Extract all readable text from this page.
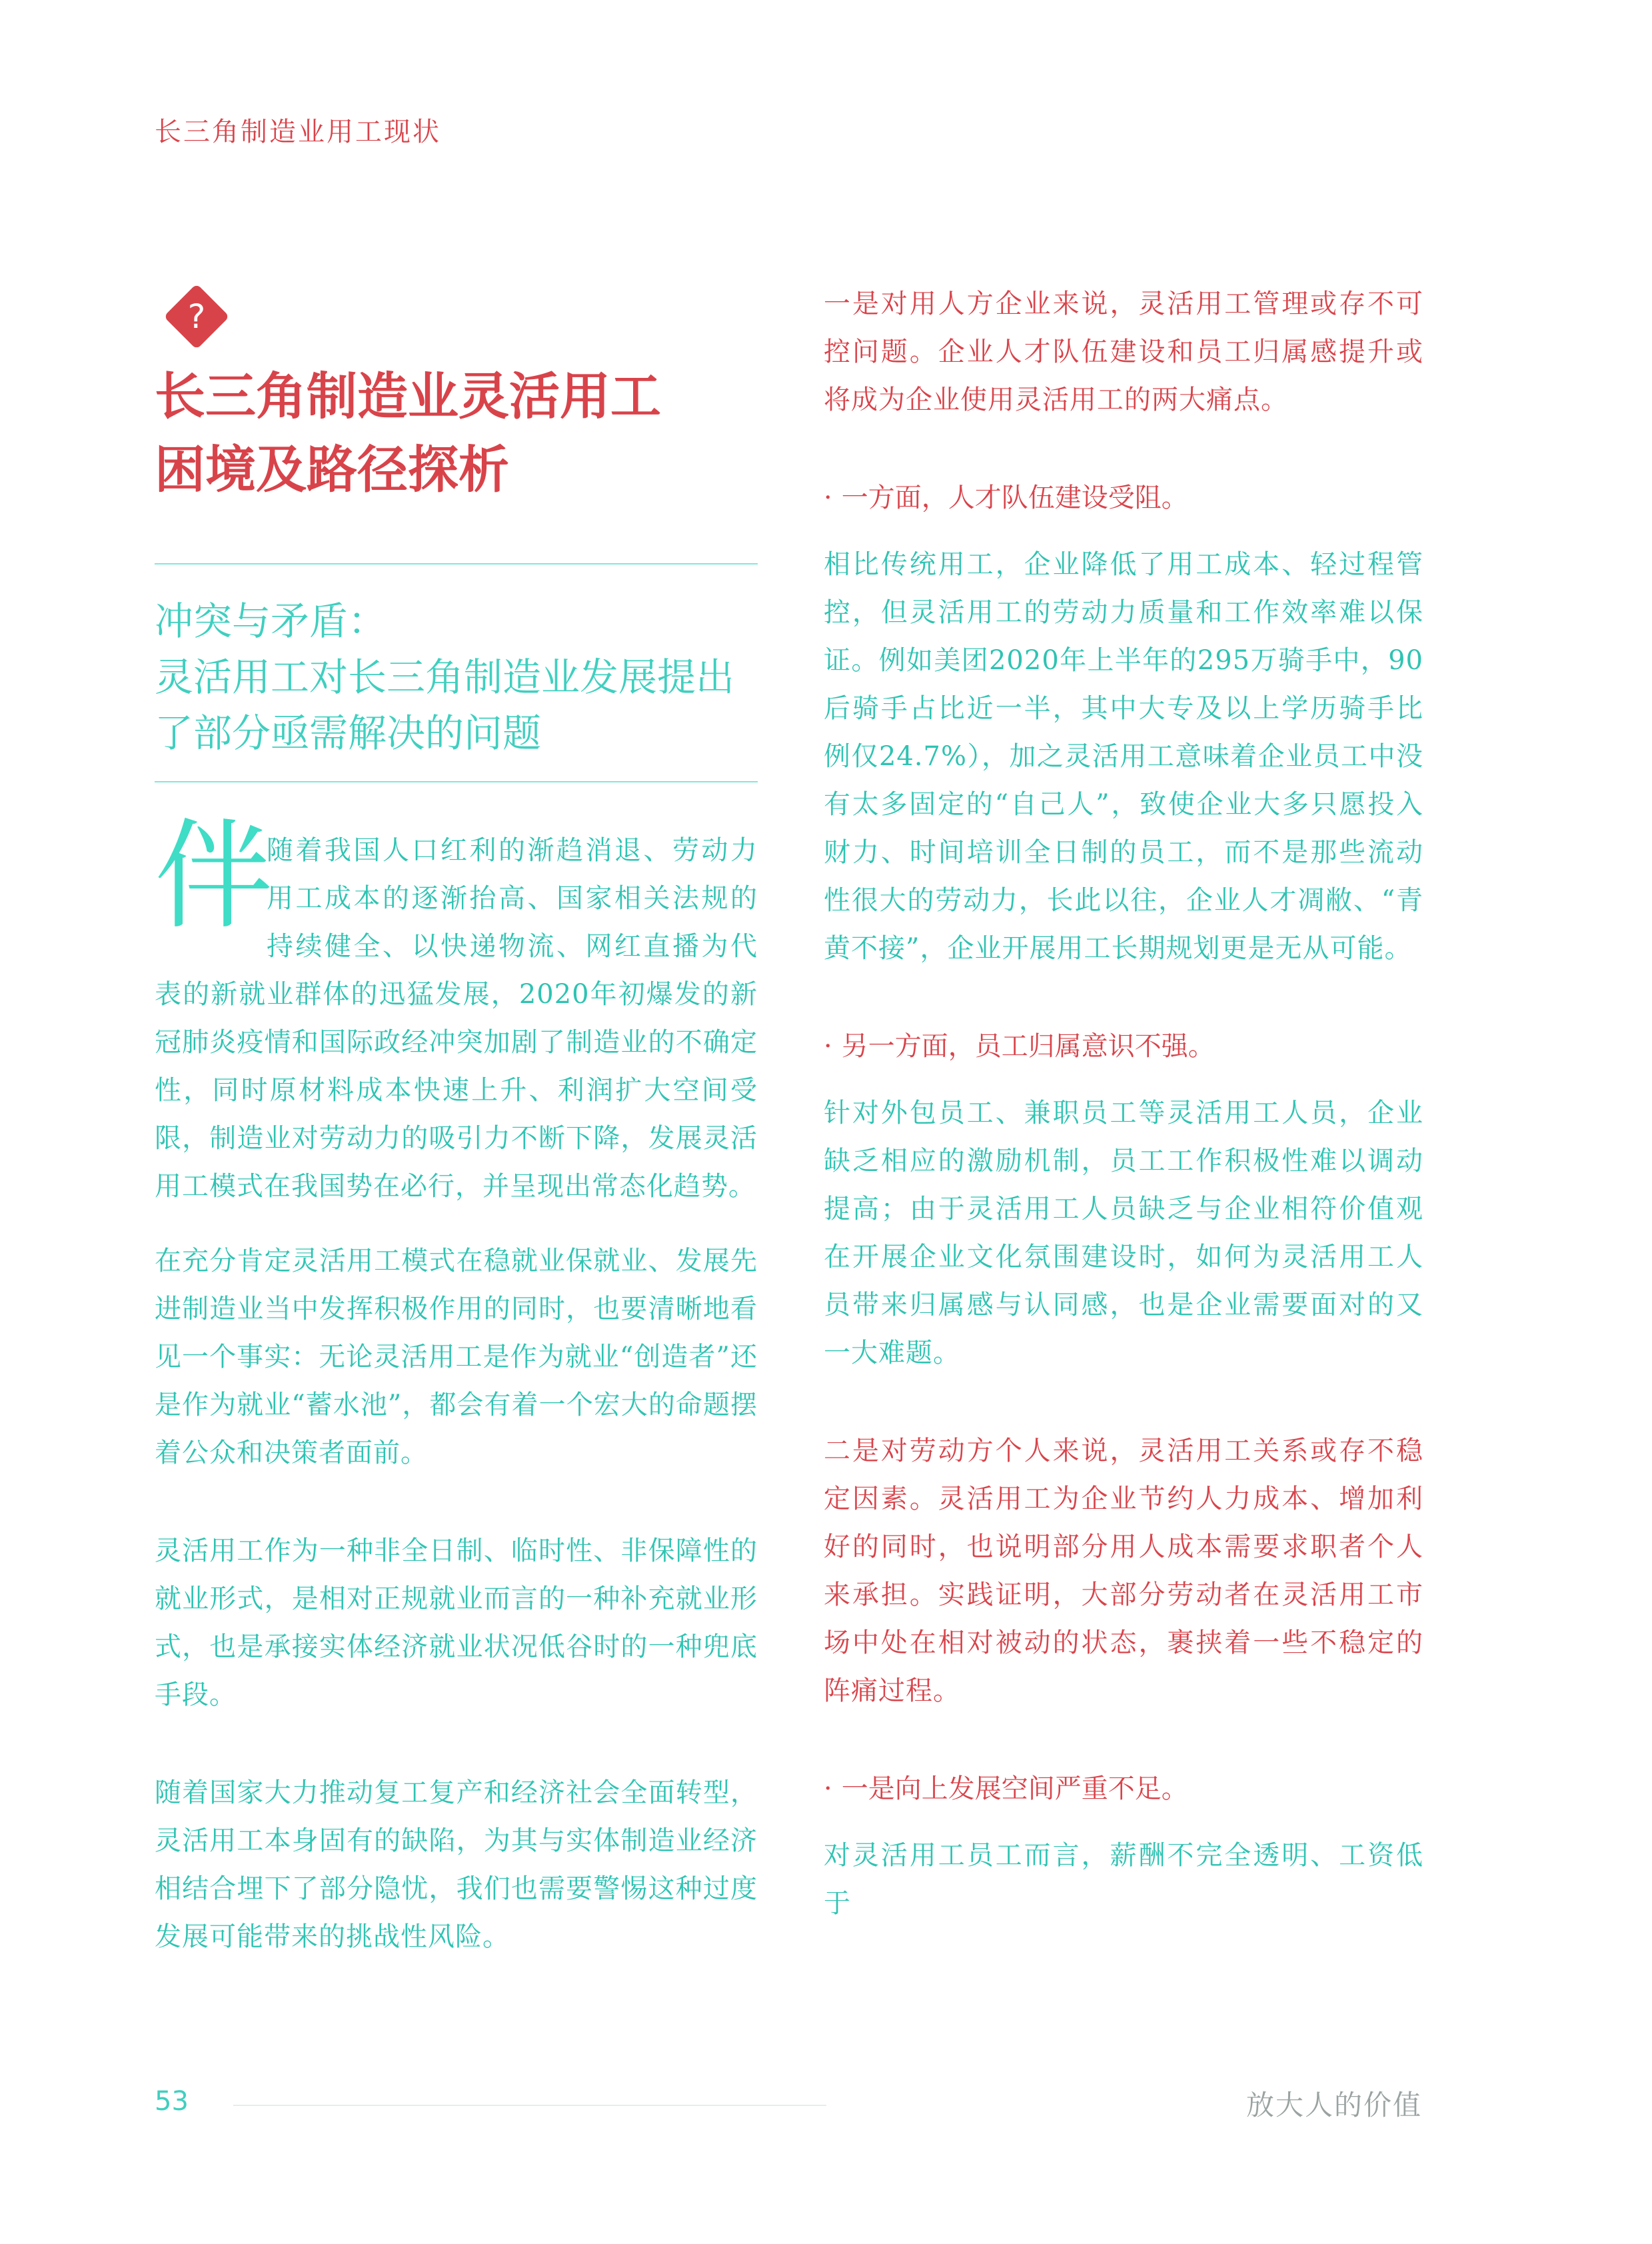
长三角制造业用工现状
?
长三角制造业灵活用工
困境及路径探析
冲突与矛盾：
灵活用工对长三角制造业发展提出
了部分亟需解决的问题

伴
随着我国人口红利的渐趋消退、劳动力用工成本的逐渐抬高、国家相关法规的持续健全、以快递物流、网红直播为代表的新就业群体的迅猛发展，2020年初爆发的新冠肺炎疫情和国际政经冲突加剧了制造业的不确定性，同时原材料成本快速上升、利润扩大空间受限，制造业对劳动力的吸引力不断下降，发展灵活用工模式在我国势在必行，并呈现出常态化趋势。

在充分肯定灵活用工模式在稳就业保就业、发展先进制造业当中发挥积极作用的同时，也要清晰地看见一个事实：无论灵活用工是作为就业“创造者”还是作为就业“蓄水池”，都会有着一个宏大的命题摆着公众和决策者面前。

灵活用工作为一种非全日制、临时性、非保障性的就业形式，是相对正规就业而言的一种补充就业形式，也是承接实体经济就业状况低谷时的一种兜底手段。

随着国家大力推动复工复产和经济社会全面转型，灵活用工本身固有的缺陷，为其与实体制造业经济相结合埋下了部分隐忧，我们也需要警惕这种过度发展可能带来的挑战性风险。

一是对用人方企业来说，灵活用工管理或存不可控问题。企业人才队伍建设和员工归属感提升或将成为企业使用灵活用工的两大痛点。

· 一方面，人才队伍建设受阻。

相比传统用工，企业降低了用工成本、轻过程管控，但灵活用工的劳动力质量和工作效率难以保证。例如美团2020年上半年的295万骑手中，90后骑手占比近一半，其中大专及以上学历骑手比例仅24.7%），加之灵活用工意味着企业员工中没有太多固定的“自己人”，致使企业大多只愿投入财力、时间培训全日制的员工，而不是那些流动性很大的劳动力，长此以往，企业人才凋敝、“青黄不接”，企业开展用工长期规划更是无从可能。

· 另一方面，员工归属意识不强。

针对外包员工、兼职员工等灵活用工人员，企业缺乏相应的激励机制，员工工作积极性难以调动提高；由于灵活用工人员缺乏与企业相符价值观在开展企业文化氛围建设时，如何为灵活用工人员带来归属感与认同感，也是企业需要面对的又一大难题。

二是对劳动方个人来说，灵活用工关系或存不稳定因素。灵活用工为企业节约人力成本、增加利好的同时，也说明部分用人成本需要求职者个人来承担。实践证明，大部分劳动者在灵活用工市场中处在相对被动的状态，裹挟着一些不稳定的阵痛过程。

· 一是向上发展空间严重不足。

对灵活用工员工而言，薪酬不完全透明、工资低于

53	放大人的价值
